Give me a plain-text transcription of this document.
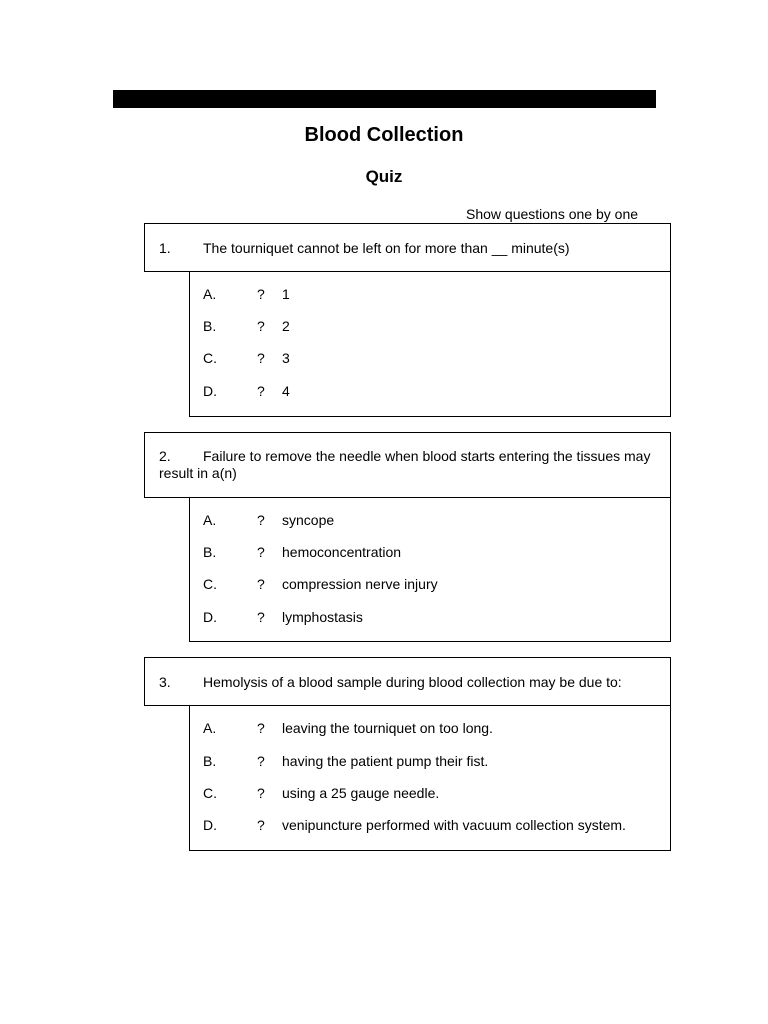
Blood Collection
Quiz
Show questions one by one
1. The tourniquet cannot be left on for more than __ minute(s)
A.	? 1
B.	? 2
C.	? 3
D.	? 4
2. Failure to remove the needle when blood starts entering the tissues may result in a(n)
A.	? syncope
B.	? hemoconcentration
C.	? compression nerve injury
D.	? lymphostasis
3. Hemolysis of a blood sample during blood collection may be due to:
A.	? leaving the tourniquet on too long.
B.	? having the patient pump their fist.
C.	? using a 25 gauge needle.
D.	? venipuncture performed with vacuum collection system.
